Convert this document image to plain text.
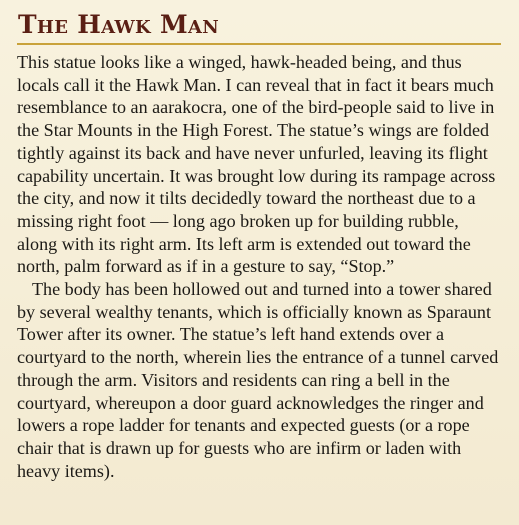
The Hawk Man

This statue looks like a winged, hawk-headed being, and thus locals call it the Hawk Man. I can reveal that in fact it bears much resemblance to an aarakocra, one of the bird-people said to live in the Star Mounts in the High Forest. The statue’s wings are folded tightly against its back and have never unfurled, leaving its flight capability uncertain. It was brought low during its rampage across the city, and now it tilts decidedly toward the northeast due to a missing right foot — long ago broken up for building rubble, along with its right arm. Its left arm is extended out toward the north, palm forward as if in a gesture to say, “Stop.”

The body has been hollowed out and turned into a tower shared by several wealthy tenants, which is officially known as Sparaunt Tower after its owner. The statue’s left hand extends over a courtyard to the north, wherein lies the entrance of a tunnel carved through the arm. Visitors and residents can ring a bell in the courtyard, whereupon a door guard acknowledges the ringer and lowers a rope ladder for tenants and expected guests (or a rope chair that is drawn up for guests who are infirm or laden with heavy items).
